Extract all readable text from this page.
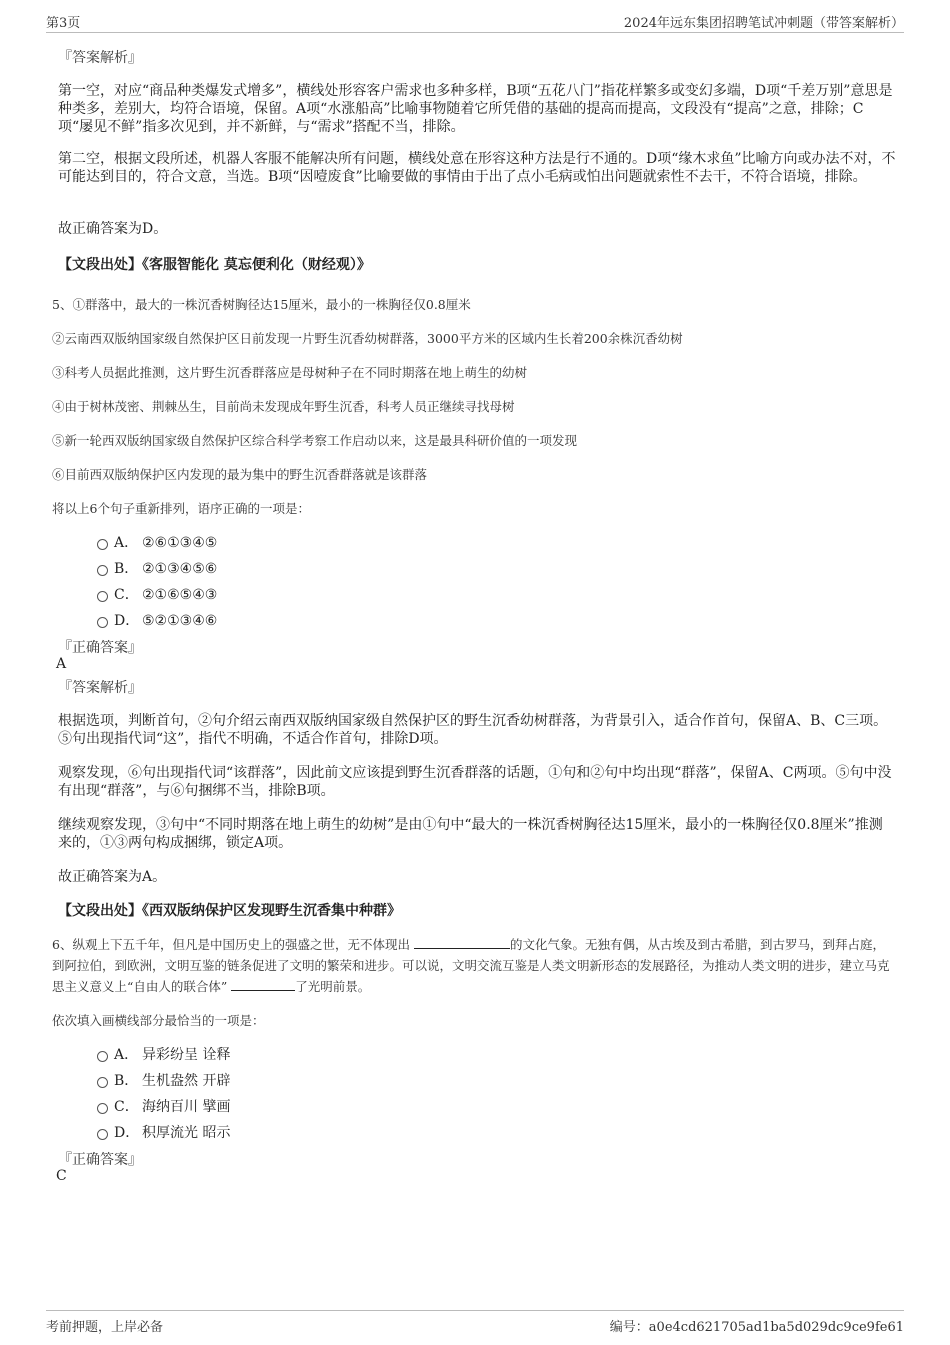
第3页	2024年远东集团招聘笔试冲刺题（带答案解析）
『答案解析』

第一空，对应“商品种类爆发式增多”，横线处形容客户需求也多种多样，B项“五花八门”指花样繁多或变幻多端，D项“千差万别”意思是种类多，差别大，均符合语境，保留。A项“水涨船高”比喻事物随着它所凭借的基础的提高而提高，文段没有“提高”之意，排除；C项“屡见不鲜”指多次见到，并不新鲜，与“需求”搭配不当，排除。

第二空，根据文段所述，机器人客服不能解决所有问题，横线处意在形容这种方法是行不通的。D项“缘木求鱼”比喻方向或办法不对，不可能达到目的，符合文意，当选。B项“因噎废食”比喻要做的事情由于出了点小毛病或怕出问题就索性不去干，不符合语境，排除。

故正确答案为D。

【文段出处】《客服智能化 莫忘便利化（财经观）》

5、①群落中，最大的一株沉香树胸径达15厘米，最小的一株胸径仅0.8厘米

②云南西双版纳国家级自然保护区日前发现一片野生沉香幼树群落，3000平方米的区域内生长着200余株沉香幼树

③科考人员据此推测，这片野生沉香群落应是母树种子在不同时期落在地上萌生的幼树

④由于树林茂密、荆棘丛生，目前尚未发现成年野生沉香，科考人员正继续寻找母树

⑤新一轮西双版纳国家级自然保护区综合科学考察工作启动以来，这是最具科研价值的一项发现

⑥目前西双版纳保护区内发现的最为集中的野生沉香群落就是该群落

将以上6个句子重新排列，语序正确的一项是：

A． ②⑥①③④⑤
B． ②①③④⑤⑥
C． ②①⑥⑤④③
D． ⑤②①③④⑥
『正确答案』
A
『答案解析』

根据选项，判断首句，②句介绍云南西双版纳国家级自然保护区的野生沉香幼树群落，为背景引入，适合作首句，保留A、B、C三项。⑤句出现指代词“这”，指代不明确，不适合作首句，排除D项。

观察发现，⑥句出现指代词“该群落”，因此前文应该提到野生沉香群落的话题，①句和②句中均出现“群落”，保留A、C两项。⑤句中没有出现“群落”，与⑥句捆绑不当，排除B项。

继续观察发现，③句中“不同时期落在地上萌生的幼树”是由①句中“最大的一株沉香树胸径达15厘米，最小的一株胸径仅0.8厘米”推测来的，①③两句构成捆绑，锁定A项。

故正确答案为A。

【文段出处】《西双版纳保护区发现野生沉香集中种群》

6、纵观上下五千年，但凡是中国历史上的强盛之世，无不体现出	的文化气象。无独有偶，从古埃及到古希腊，到古罗马，到拜占庭，到阿拉伯，到欧洲，文明互鉴的链条促进了文明的繁荣和进步。可以说，文明交流互鉴是人类文明新形态的发展路径，为推动人类文明的进步，建立马克思主义意义上“自由人的联合体”	了光明前景。

依次填入画横线部分最恰当的一项是：

A． 异彩纷呈 诠释
B． 生机盎然 开辟
C． 海纳百川 擘画
D． 积厚流光 昭示
『正确答案』
C
考前押题，上岸必备	编号：a0e4cd621705ad1ba5d029dc9ce9fe61
